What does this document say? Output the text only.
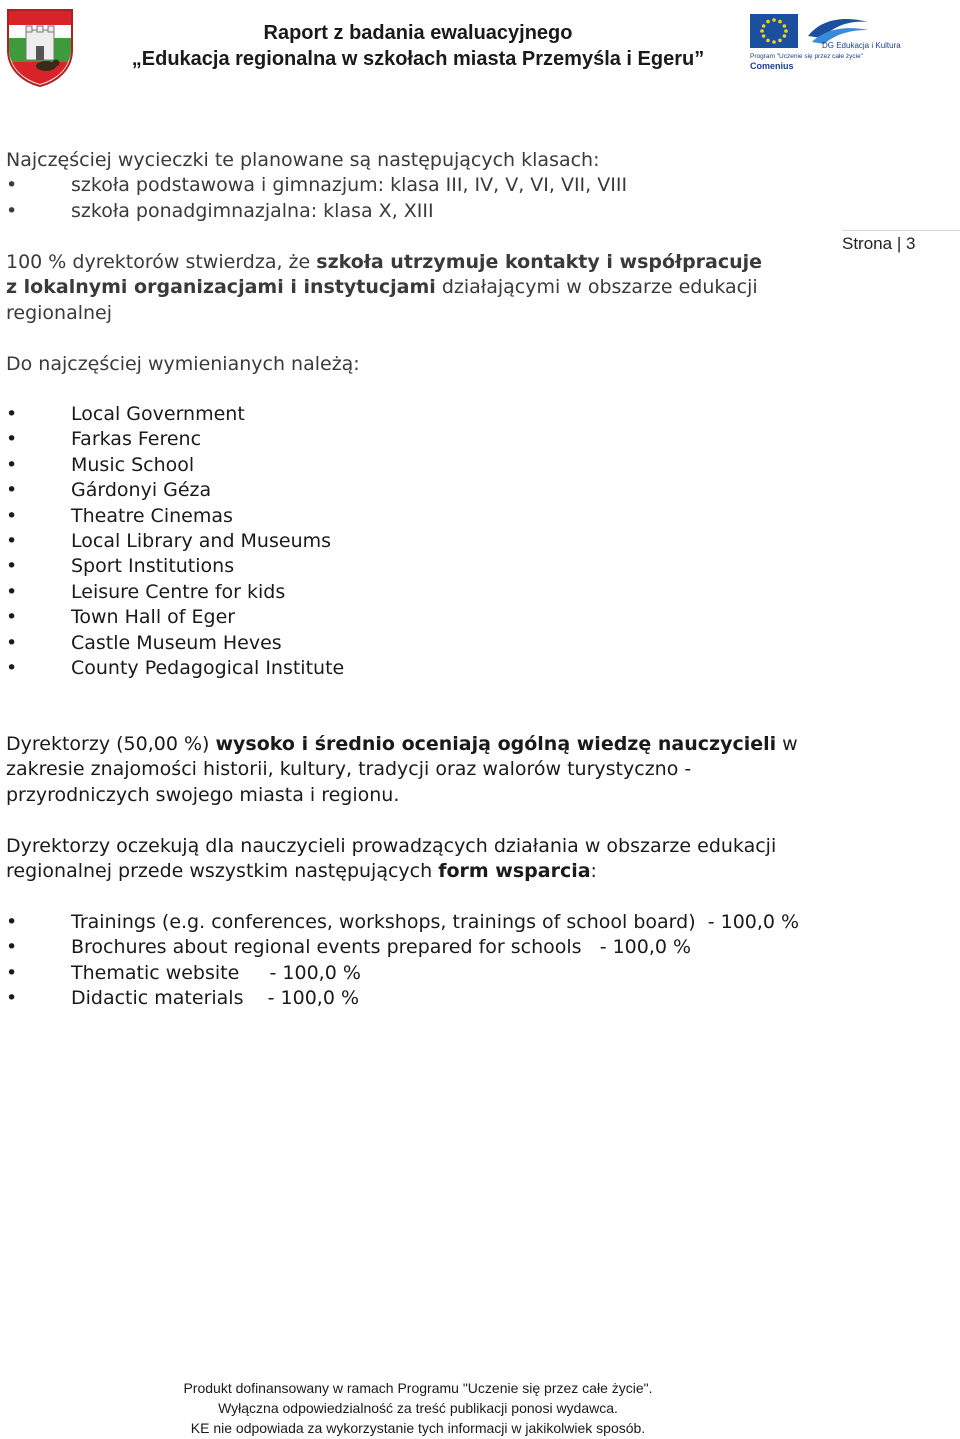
Raport z badania ewaluacyjnego
„Edukacja regionalna w szkołach miasta Przemyśla i Egeru”
DG Edukacja i Kultura
Program "Uczenie się przez całe życie"
Comenius
Strona | 3
Najczęściej wycieczki te planowane są następujących klasach:
• szkoła podstawowa i gimnazjum: klasa III, IV, V, VI, VII, VIII
• szkoła ponadgimnazjalna: klasa X, XIII
100 % dyrektorów stwierdza, że szkoła utrzymuje kontakty i współpracuje z lokalnymi organizacjami i instytucjami działającymi w obszarze edukacji regionalnej
Do najczęściej wymienianych należą:
• Local Government
• Farkas Ferenc
• Music School
• Gárdonyi Géza
• Theatre Cinemas
• Local Library and Museums
• Sport Institutions
• Leisure Centre for kids
• Town Hall of Eger
• Castle Museum Heves
• County Pedagogical Institute
Dyrektorzy (50,00 %) wysoko i średnio oceniają ogólną wiedzę nauczycieli w zakresie znajomości historii, kultury, tradycji oraz walorów turystyczno - przyrodniczych swojego miasta i regionu.
Dyrektorzy oczekują dla nauczycieli prowadzących działania w obszarze edukacji regionalnej przede wszystkim następujących form wsparcia:
• Trainings (e.g. conferences, workshops, trainings of school board)  - 100,0 %
• Brochures about regional events prepared for schools   - 100,0 %
• Thematic website     - 100,0 %
• Didactic materials    - 100,0 %
Produkt dofinansowany w ramach Programu "Uczenie się przez całe życie".
Wyłączna odpowiedzialność za treść publikacji ponosi wydawca.
KE nie odpowiada za wykorzystanie tych informacji w jakikolwiek sposób.
